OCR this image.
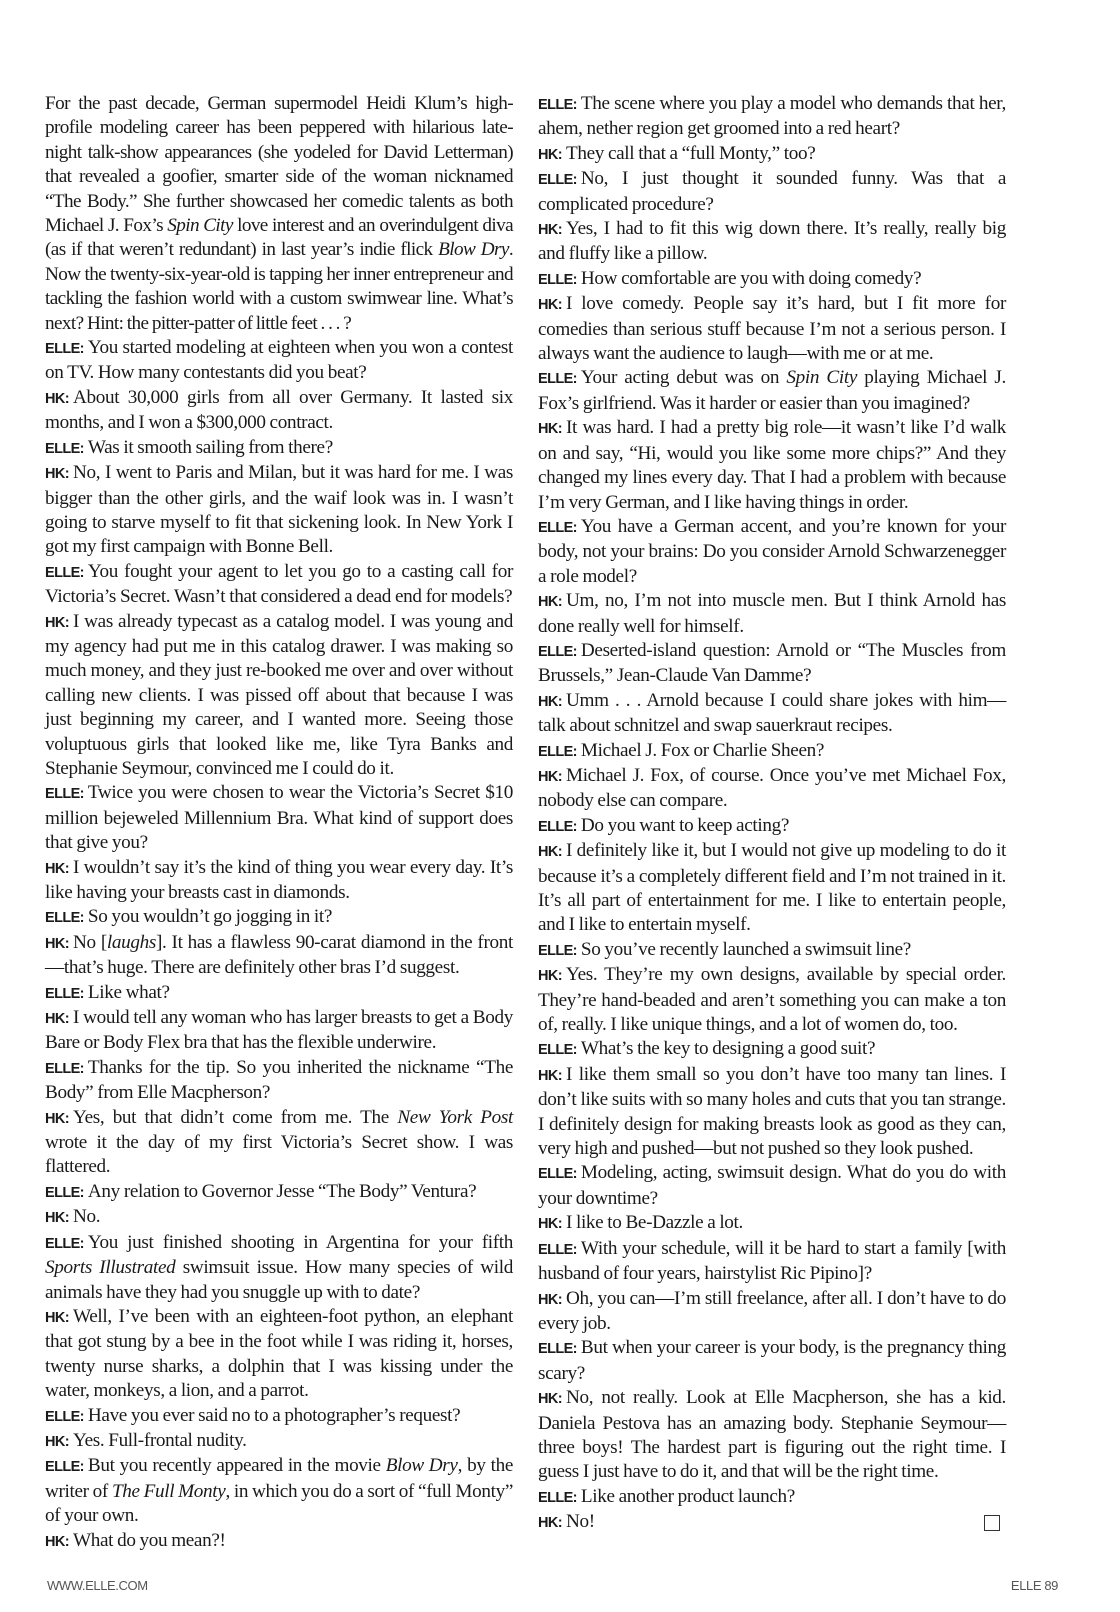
For the past decade, German supermodel Heidi Klum’s high-profile modeling career has been peppered with hilarious late-night talk-show appearances (she yodeled for David Letterman) that revealed a goofier, smarter side of the woman nicknamed “The Body.” She further showcased her comedic talents as both Michael J. Fox’s Spin City love interest and an overindulgent diva (as if that weren’t redundant) in last year’s indie flick Blow Dry. Now the twenty-six-year-old is tapping her inner entrepreneur and tackling the fashion world with a custom swimwear line. What’s next? Hint: the pitter-patter of little feet . . . ?

ELLE: You started modeling at eighteen when you won a contest on TV. How many contestants did you beat?

HK: About 30,000 girls from all over Germany. It lasted six months, and I won a $300,000 contract.

ELLE: Was it smooth sailing from there?

HK: No, I went to Paris and Milan, but it was hard for me. I was bigger than the other girls, and the waif look was in. I wasn’t going to starve myself to fit that sickening look. In New York I got my first campaign with Bonne Bell.

ELLE: You fought your agent to let you go to a casting call for Victoria’s Secret. Wasn’t that considered a dead end for models?

HK: I was already typecast as a catalog model. I was young and my agency had put me in this catalog drawer. I was making so much money, and they just re-booked me over and over without calling new clients. I was pissed off about that because I was just beginning my career, and I wanted more. Seeing those voluptuous girls that looked like me, like Tyra Banks and Stephanie Seymour, convinced me I could do it.

ELLE: Twice you were chosen to wear the Victoria’s Secret $10 million bejeweled Millennium Bra. What kind of support does that give you?

HK: I wouldn’t say it’s the kind of thing you wear every day. It’s like having your breasts cast in diamonds.

ELLE: So you wouldn’t go jogging in it?

HK: No [laughs]. It has a flawless 90-carat diamond in the front—that’s huge. There are definitely other bras I’d suggest.

ELLE: Like what?

HK: I would tell any woman who has larger breasts to get a Body Bare or Body Flex bra that has the flexible underwire.

ELLE: Thanks for the tip. So you inherited the nickname “The Body” from Elle Macpherson?

HK: Yes, but that didn’t come from me. The New York Post wrote it the day of my first Victoria’s Secret show. I was flattered.

ELLE: Any relation to Governor Jesse “The Body” Ventura?

HK: No.

ELLE: You just finished shooting in Argentina for your fifth Sports Illustrated swimsuit issue. How many species of wild animals have they had you snuggle up with to date?

HK: Well, I’ve been with an eighteen-foot python, an elephant that got stung by a bee in the foot while I was riding it, horses, twenty nurse sharks, a dolphin that I was kissing under the water, monkeys, a lion, and a parrot.

ELLE: Have you ever said no to a photographer’s request?

HK: Yes. Full-frontal nudity.

ELLE: But you recently appeared in the movie Blow Dry, by the writer of The Full Monty, in which you do a sort of “full Monty” of your own.

HK: What do you mean?!

ELLE: The scene where you play a model who demands that her, ahem, nether region get groomed into a red heart?

HK: They call that a “full Monty,” too?

ELLE: No, I just thought it sounded funny. Was that a complicated procedure?

HK: Yes, I had to fit this wig down there. It’s really, really big and fluffy like a pillow.

ELLE: How comfortable are you with doing comedy?

HK: I love comedy. People say it’s hard, but I fit more for comedies than serious stuff because I’m not a serious person. I always want the audience to laugh—with me or at me.

ELLE: Your acting debut was on Spin City playing Michael J. Fox’s girlfriend. Was it harder or easier than you imagined?

HK: It was hard. I had a pretty big role—it wasn’t like I’d walk on and say, “Hi, would you like some more chips?” And they changed my lines every day. That I had a problem with because I’m very German, and I like having things in order.

ELLE: You have a German accent, and you’re known for your body, not your brains: Do you consider Arnold Schwarzenegger a role model?

HK: Um, no, I’m not into muscle men. But I think Arnold has done really well for himself.

ELLE: Deserted-island question: Arnold or “The Muscles from Brussels,” Jean-Claude Van Damme?

HK: Umm . . . Arnold because I could share jokes with him—talk about schnitzel and swap sauerkraut recipes.

ELLE: Michael J. Fox or Charlie Sheen?

HK: Michael J. Fox, of course. Once you’ve met Michael Fox, nobody else can compare.

ELLE: Do you want to keep acting?

HK: I definitely like it, but I would not give up modeling to do it because it’s a completely different field and I’m not trained in it. It’s all part of entertainment for me. I like to entertain people, and I like to entertain myself.

ELLE: So you’ve recently launched a swimsuit line?

HK: Yes. They’re my own designs, available by special order. They’re hand-beaded and aren’t something you can make a ton of, really. I like unique things, and a lot of women do, too.

ELLE: What’s the key to designing a good suit?

HK: I like them small so you don’t have too many tan lines. I don’t like suits with so many holes and cuts that you tan strange. I definitely design for making breasts look as good as they can, very high and pushed—but not pushed so they look pushed.

ELLE: Modeling, acting, swimsuit design. What do you do with your downtime?

HK: I like to Be-Dazzle a lot.

ELLE: With your schedule, will it be hard to start a family [with husband of four years, hairstylist Ric Pipino]?

HK: Oh, you can—I’m still freelance, after all. I don’t have to do every job.

ELLE: But when your career is your body, is the pregnancy thing scary?

HK: No, not really. Look at Elle Macpherson, she has a kid. Daniela Pestova has an amazing body. Stephanie Seymour—three boys! The hardest part is figuring out the right time. I guess I just have to do it, and that will be the right time.

ELLE: Like another product launch?

HK: No!

WWW.ELLE.COM	ELLE 89
